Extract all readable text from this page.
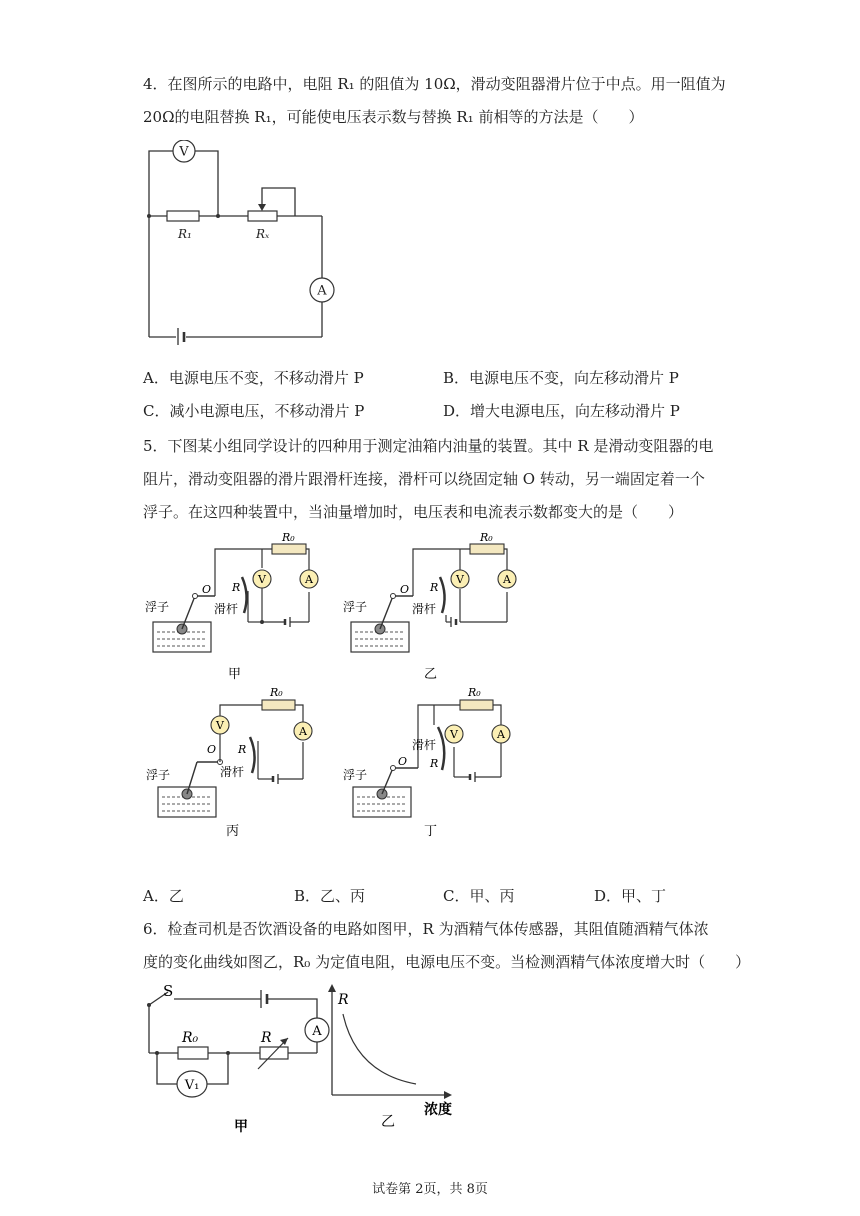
4．在图所示的电路中，电阻 R₁ 的阻值为 10Ω，滑动变阻器滑片位于中点。用一阻值为
20Ω的电阻替换 R₁，可能使电压表示数与替换 R₁ 前相等的方法是（　　）
V
A
R₁	Rₓ
A．电源电压不变，不移动滑片 P	B．电源电压不变，向左移动滑片 P
C．减小电源电压，不移动滑片 P	D．增大电源电压，向左移动滑片 P
5．下图某小组同学设计的四种用于测定油箱内油量的装置。其中 R 是滑动变阻器的电
阻片，滑动变阻器的滑片跟滑杆连接，滑杆可以绕固定轴 O 转动，另一端固定着一个
浮子。在这四种装置中，当油量增加时，电压表和电流表示数都变大的是（　　）
V	A
R₀
R
O
浮子	滑杆
甲
V	A
R₀
R
O
浮子	滑杆
乙
V	A
R₀
R
O
浮子	滑杆
丙
V	A
R₀
R
O
浮子
滑杆
丁
A．乙	B．乙、丙	C．甲、丙	D．甲、丁
6．检查司机是否饮酒设备的电路如图甲，R 为酒精气体传感器，其阻值随酒精气体浓
度的变化曲线如图乙，R₀ 为定值电阻，电源电压不变。当检测酒精气体浓度增大时（　　）
S
R₀	R	A
V₁
甲
R
浓度
乙
试卷第 2页，共 8页
